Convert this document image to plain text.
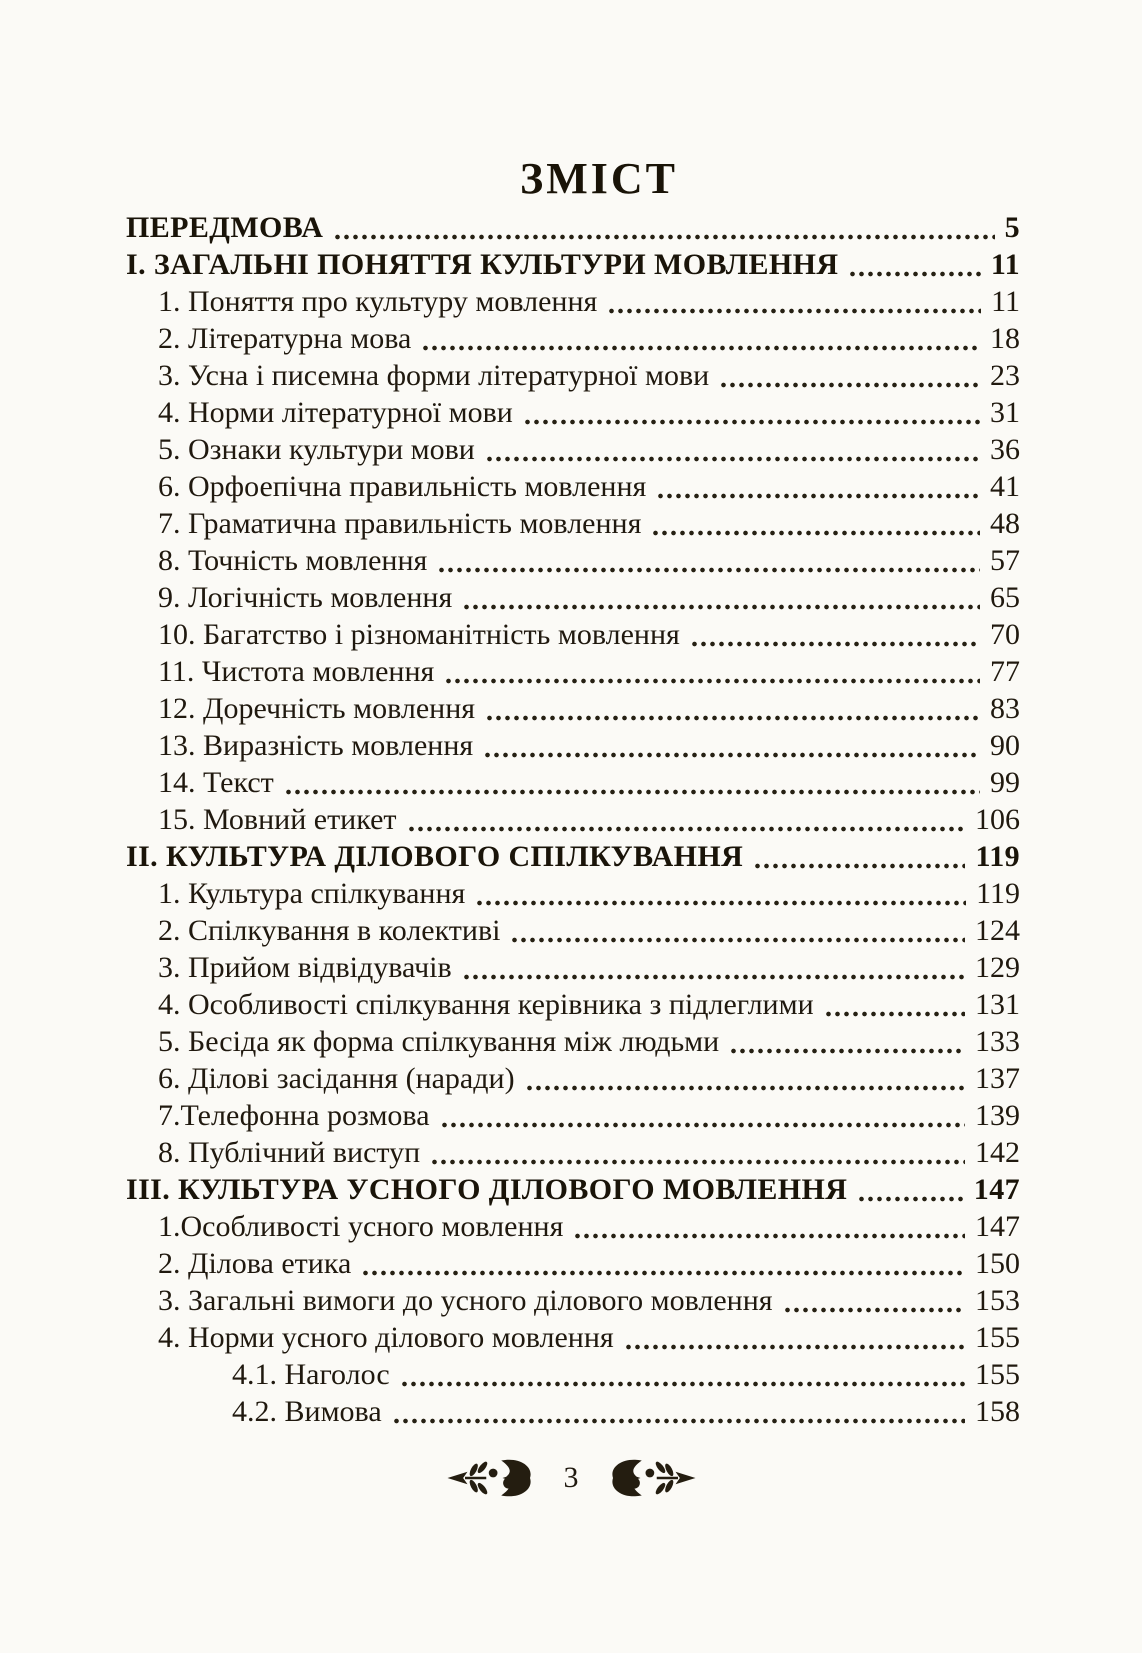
ЗМІСТ
ПЕРЕДМОВА	5
І. ЗАГАЛЬНІ ПОНЯТТЯ КУЛЬТУРИ МОВЛЕННЯ	11
1. Поняття про культуру мовлення	11
2. Літературна мова	18
3. Усна і писемна форми літературної мови	23
4. Норми літературної мови	31
5. Ознаки культури мови	36
6. Орфоепічна правильність мовлення	41
7. Граматична правильність мовлення	48
8. Точність мовлення	57
9. Логічність мовлення	65
10. Багатство і різноманітність мовлення	70
11. Чистота мовлення	77
12. Доречність мовлення	83
13. Виразність мовлення	90
14. Текст	99
15. Мовний етикет	106
ІІ. КУЛЬТУРА ДІЛОВОГО СПІЛКУВАННЯ	119
1. Культура спілкування	119
2. Спілкування в колективі	124
3. Прийом відвідувачів	129
4. Особливості спілкування керівника з підлеглими	131
5. Бесіда як форма спілкування між людьми	133
6. Ділові засідання (наради)	137
7.Телефонна розмова	139
8. Публічний виступ	142
ІІІ. КУЛЬТУРА УСНОГО ДІЛОВОГО МОВЛЕННЯ	147
1.Особливості усного мовлення	147
2. Ділова етика	150
3. Загальні вимоги до усного ділового мовлення	153
4. Норми усного ділового мовлення	155
4.1. Наголос	155
4.2. Вимова	158
3
